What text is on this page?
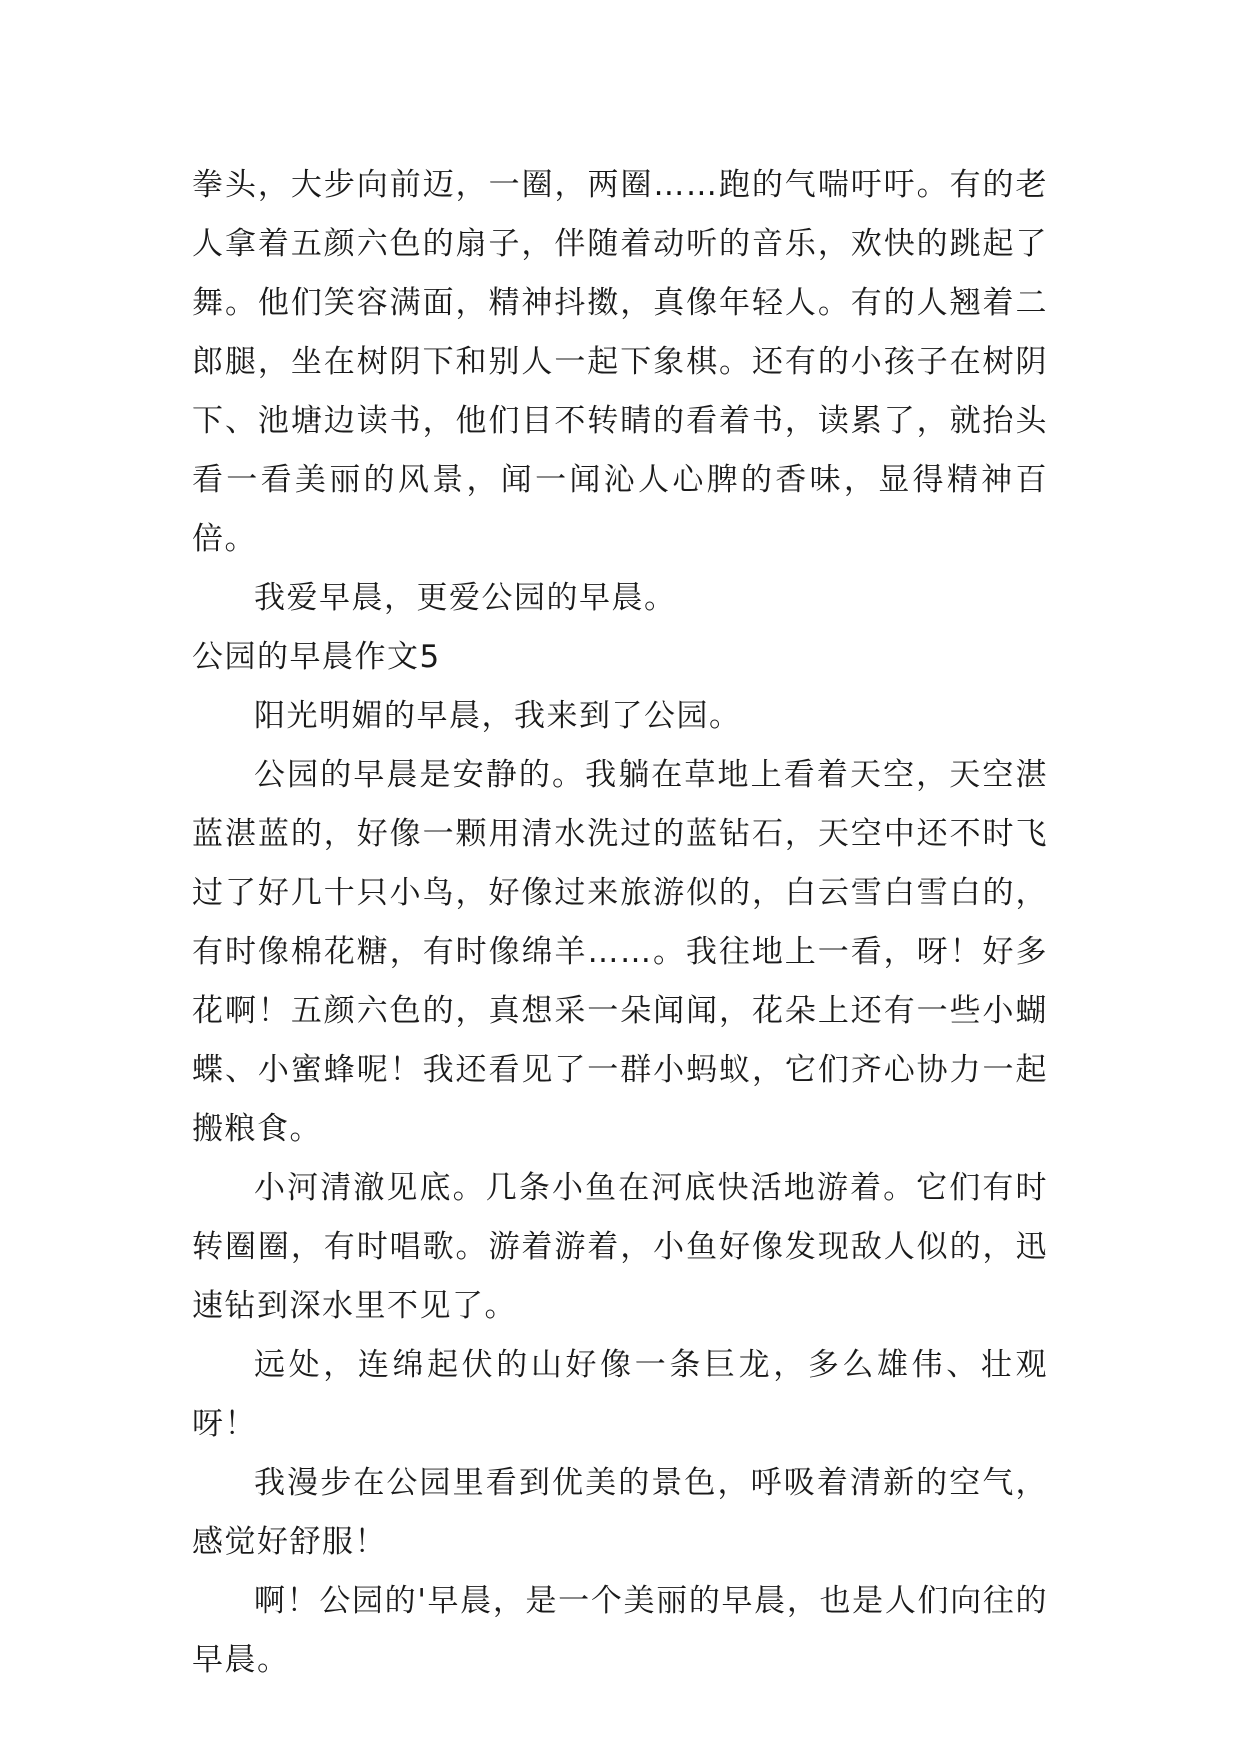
拳头，大步向前迈，一圈，两圈……跑的气喘吁吁。有的老人拿着五颜六色的扇子，伴随着动听的音乐，欢快的跳起了舞。他们笑容满面，精神抖擞，真像年轻人。有的人翘着二郎腿，坐在树阴下和别人一起下象棋。还有的小孩子在树阴下、池塘边读书，他们目不转睛的看着书，读累了，就抬头看一看美丽的风景，闻一闻沁人心脾的香味，显得精神百倍。

我爱早晨，更爱公园的早晨。

公园的早晨作文5

阳光明媚的早晨，我来到了公园。

公园的早晨是安静的。我躺在草地上看着天空，天空湛蓝湛蓝的，好像一颗用清水洗过的蓝钻石，天空中还不时飞过了好几十只小鸟，好像过来旅游似的，白云雪白雪白的，有时像棉花糖，有时像绵羊……。我往地上一看，呀！好多花啊！五颜六色的，真想采一朵闻闻，花朵上还有一些小蝴蝶、小蜜蜂呢！我还看见了一群小蚂蚁，它们齐心协力一起搬粮食。

小河清澈见底。几条小鱼在河底快活地游着。它们有时转圈圈，有时唱歌。游着游着，小鱼好像发现敌人似的，迅速钻到深水里不见了。

远处，连绵起伏的山好像一条巨龙，多么雄伟、壮观呀！

我漫步在公园里看到优美的景色，呼吸着清新的空气，感觉好舒服！

啊！公园的'早晨，是一个美丽的早晨，也是人们向往的早晨。
